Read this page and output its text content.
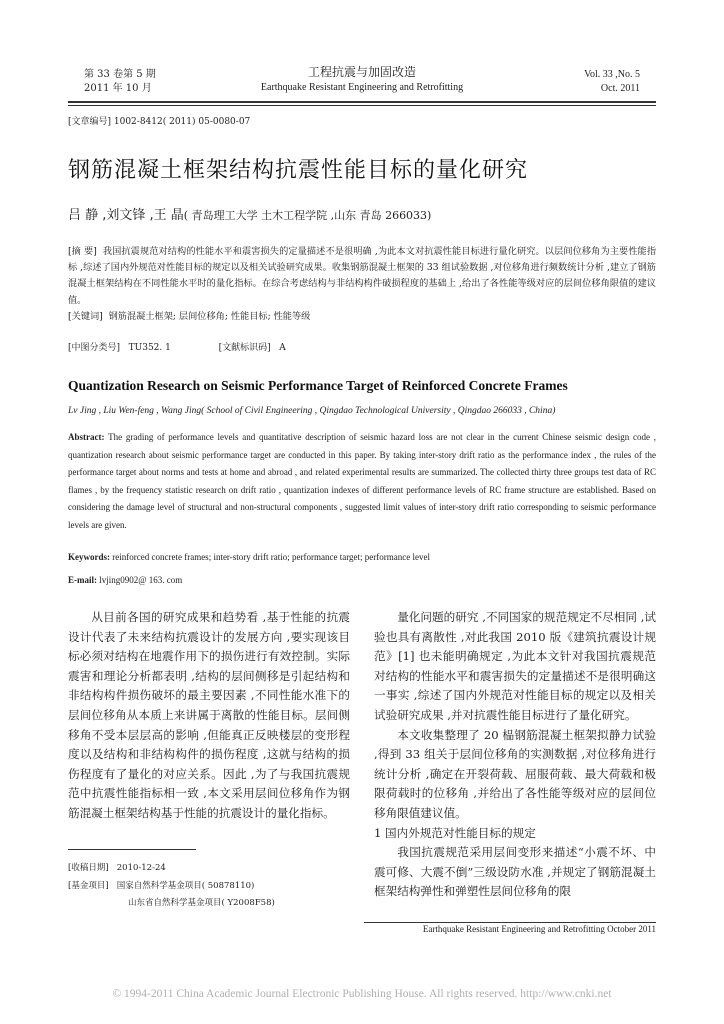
第 33 卷第 5 期
2011 年 10 月
工程抗震与加固改造
Earthquake Resistant Engineering and Retrofitting
Vol. 33 ,No. 5
Oct. 2011
[文章编号] 1002-8412( 2011) 05-0080-07
钢筋混凝土框架结构抗震性能目标的量化研究
吕 静 ,刘文锋 ,王 晶( 青岛理工大学 土木工程学院 ,山东 青岛 266033)
[摘 要] 我国抗震规范对结构的性能水平和震害损失的定量描述不是很明确 ,为此本文对抗震性能目标进行量化研究。以层间位移角为主要性能指标 ,综述了国内外规范对性能目标的规定以及相关试验研究成果。收集钢筋混凝土框架的 33 组试验数据 ,对位移角进行频数统计分析 ,建立了钢筋混凝土框架结构在不同性能水平时的量化指标。在综合考虑结构与非结构构件破损程度的基础上 ,给出了各性能等级对应的层间位移角限值的建议值。
[关键词] 钢筋混凝土框架; 层间位移角; 性能目标; 性能等级
[中图分类号] TU352. 1	[文献标识码] A
Quantization Research on Seismic Performance Target of Reinforced Concrete Frames
Lv Jing , Liu Wen-feng , Wang Jing( School of Civil Engineering , Qingdao Technological University , Qingdao 266033 , China)
Abstract: The grading of performance levels and quantitative description of seismic hazard loss are not clear in the current Chinese seismic design code , quantization research about seismic performance target are conducted in this paper. By taking inter-story drift ratio as the performance index , the rules of the performance target about norms and tests at home and abroad , and related experimental results are summarized. The collected thirty three groups test data of RC flames , by the frequency statistic research on drift ratio , quantization indexes of different performance levels of RC frame structure are established. Based on considering the damage level of structural and non-structural components , suggested limit values of inter-story drift ratio corresponding to seismic performance levels are given.
Keywords: reinforced concrete frames; inter-story drift ratio; performance target; performance level
E-mail: lvjing0902@ 163. com

从目前各国的研究成果和趋势看 ,基于性能的抗震设计代表了未来结构抗震设计的发展方向 ,要实现该目标必须对结构在地震作用下的损伤进行有效控制。实际震害和理论分析都表明 ,结构的层间侧移是引起结构和非结构构件损伤破坏的最主要因素 ,不同性能水准下的层间位移角从本质上来讲属于离散的性能目标。层间侧移角不受本层层高的影响 ,但能真正反映楼层的变形程度以及结构和非结构构件的损伤程度 ,这就与结构的损伤程度有了量化的对应关系。因此 ,为了与我国抗震规范中抗震性能指标相一致 ,本文采用层间位移角作为钢筋混凝土框架结构基于性能的抗震设计的量化指标。

量化问题的研究 ,不同国家的规范规定不尽相同 ,试验也具有离散性 ,对此我国 2010 版《建筑抗震设计规范》[1] 也未能明确规定 ,为此本文针对我国抗震规范对结构的性能水平和震害损失的定量描述不是很明确这一事实 ,综述了国内外规范对性能目标的规定以及相关试验研究成果 ,并对抗震性能目标进行了量化研究。

本文收集整理了 20 榀钢筋混凝土框架拟静力试验 ,得到 33 组关于层间位移角的实测数据 ,对位移角进行统计分析 ,确定在开裂荷载、屈服荷载、最大荷载和极限荷载时的位移角 ,并给出了各性能等级对应的层间位移角限值建议值。

1 国内外规范对性能目标的规定

我国抗震规范采用层间变形来描述“小震不坏、中震可修、大震不倒”三级设防水准 ,并规定了钢筋混凝土框架结构弹性和弹塑性层间位移角的限

[收稿日期] 2010-12-24
[基金项目] 国家自然科学基金项目( 50878110)
山东省自然科学基金项目( Y2008F58)
Earthquake Resistant Engineering and Retrofitting October 2011
© 1994-2011 China Academic Journal Electronic Publishing House. All rights reserved. http://www.cnki.net
